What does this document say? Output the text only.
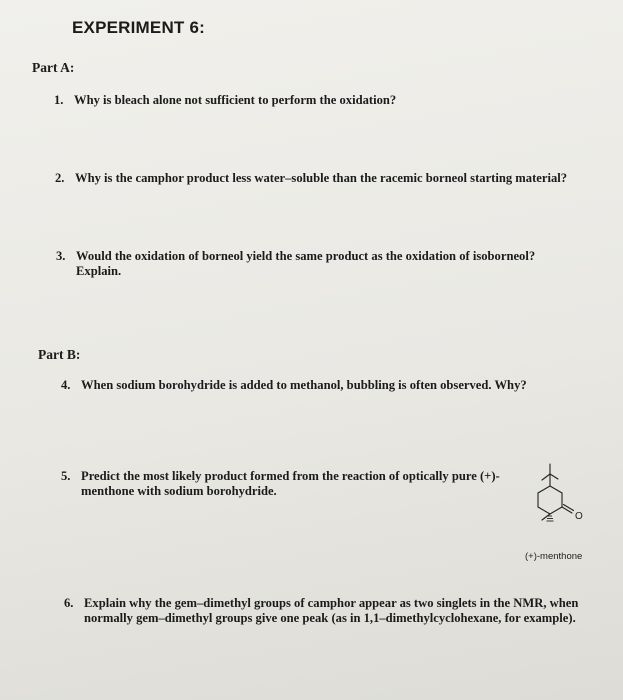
EXPERIMENT 6:
Part A:
1. Why is bleach alone not sufficient to perform the oxidation?
2. Why is the camphor product less water–soluble than the racemic borneol starting material?
3. Would the oxidation of borneol yield the same product as the oxidation of isoborneol? Explain.
Part B:
4. When sodium borohydride is added to methanol, bubbling is often observed. Why?
5. Predict the most likely product formed from the reaction of optically pure (+)-menthone with sodium borohydride.
6. Explain why the gem–dimethyl groups of camphor appear as two singlets in the NMR, when normally gem–dimethyl groups give one peak (as in 1,1–dimethylcyclohexane, for example).
O
(+)-menthone
